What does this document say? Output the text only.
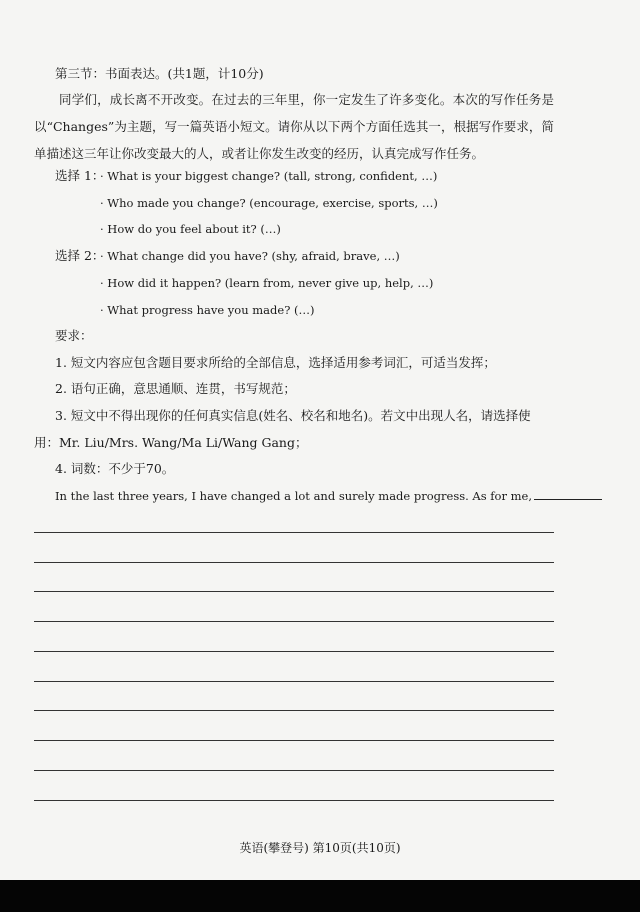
第三节：书面表达。(共1题，计10分)
同学们，成长离不开改变。在过去的三年里，你一定发生了许多变化。本次的写作任务是以“Changes”为主题，写一篇英语小短文。请你从以下两个方面任选其一，根据写作要求，简单描述这三年让你改变最大的人，或者让你发生改变的经历，认真完成写作任务。
选择 1：
· What is your biggest change? (tall, strong, confident, …)
· Who made you change? (encourage, exercise, sports, …)
· How do you feel about it? (…)
选择 2：
· What change did you have? (shy, afraid, brave, …)
· How did it happen? (learn from, never give up, help, …)
· What progress have you made? (…)
要求：
1. 短文内容应包含题目要求所给的全部信息，选择适用参考词汇，可适当发挥；
2. 语句正确，意思通顺、连贯，书写规范；
3. 短文中不得出现你的任何真实信息(姓名、校名和地名)。若文中出现人名，请选择使用：Mr. Liu/Mrs. Wang/Ma Li/Wang Gang；
4. 词数：不少于70。
In the last three years, I have changed a lot and surely made progress. As for me,
英语(攀登号) 第10页(共10页)
